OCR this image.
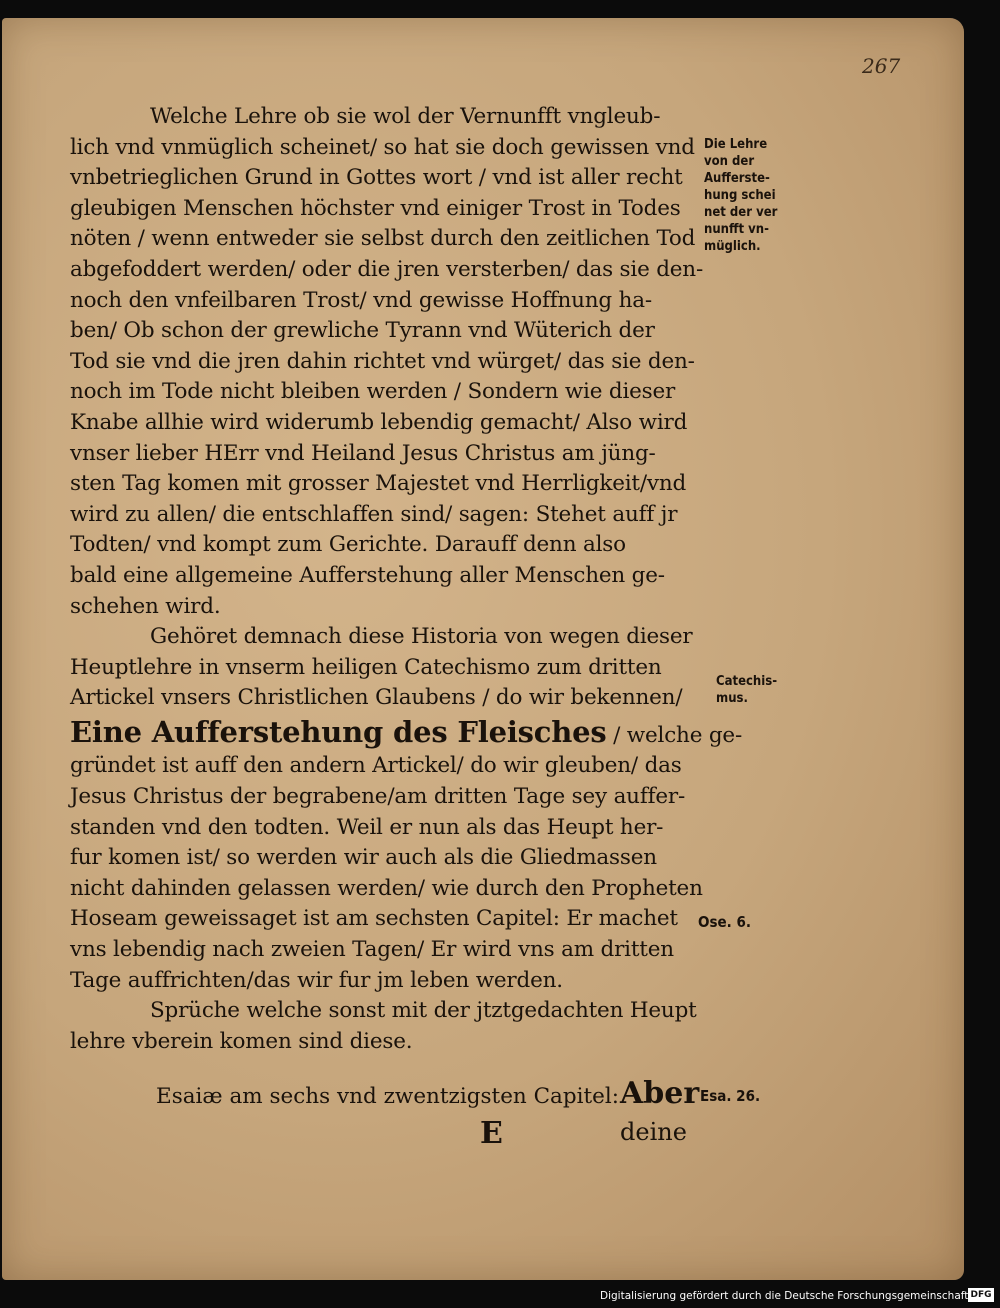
267
Welche Lehre ob sie wol der Vernunfft vngleub-
lich vnd vnmüglich scheinet/ so hat sie doch gewissen vnd
vnbetrieglichen Grund in Gottes wort / vnd ist aller recht
gleubigen Menschen höchster vnd einiger Trost in Todes
nöten / wenn entweder sie selbst durch den zeitlichen Tod
abgefoddert werden/ oder die jren versterben/ das sie den-
noch den vnfeilbaren Trost/ vnd gewisse Hoffnung ha-
ben/ Ob schon der grewliche Tyrann vnd Wüterich der
Tod sie vnd die jren dahin richtet vnd würget/ das sie den-
noch im Tode nicht bleiben werden / Sondern wie dieser
Knabe allhie wird widerumb lebendig gemacht/ Also wird
vnser lieber HErr vnd Heiland Jesus Christus am jüng-
sten Tag komen mit grosser Majestet vnd Herrligkeit/vnd
wird zu allen/ die entschlaffen sind/ sagen: Stehet auff jr
Todten/ vnd kompt zum Gerichte. Darauff denn also
bald eine allgemeine Aufferstehung aller Menschen ge-
schehen wird.
Gehöret demnach diese Historia von wegen dieser
Heuptlehre in vnserm heiligen Catechismo zum dritten
Artickel vnsers Christlichen Glaubens / do wir bekennen/
Eine Aufferstehung des Fleisches / welche ge-
gründet ist auff den andern Artickel/ do wir gleuben/ das
Jesus Christus der begrabene/am dritten Tage sey auffer-
standen vnd den todten. Weil er nun als das Heupt her-
fur komen ist/ so werden wir auch als die Gliedmassen
nicht dahinden gelassen werden/ wie durch den Propheten
Hoseam geweissaget ist am sechsten Capitel: Er machet
vns lebendig nach zweien Tagen/ Er wird vns am dritten
Tage auffrichten/das wir fur jm leben werden.
Sprüche welche sonst mit der jtztgedachten Heupt
lehre vberein komen sind diese.
Die Lehre
von der
Aufferste-
hung schei
net der ver
nunfft vn-
müglich.
Catechis-
mus.
Ose. 6.
Esa. 26.
Esaiæ am sechs vnd zwentzigsten Capitel: Aber
deine
E
Digitalisierung gefördert durch die Deutsche Forschungsgemeinschaft DFG
